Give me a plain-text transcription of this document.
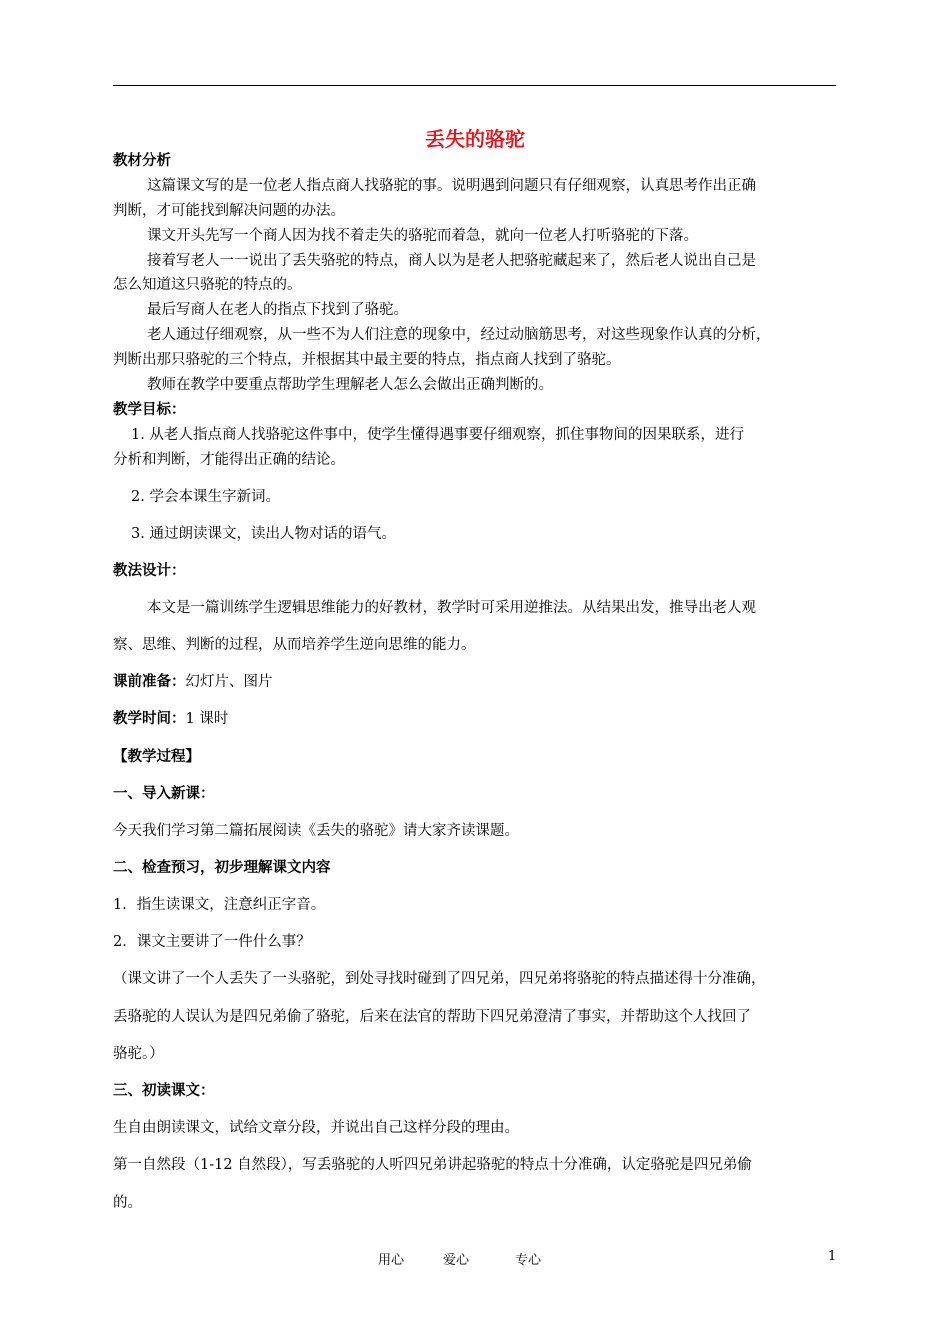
丢失的骆驼
教材分析
这篇课文写的是一位老人指点商人找骆驼的事。说明遇到问题只有仔细观察，认真思考作出正确
判断，才可能找到解决问题的办法。
课文开头先写一个商人因为找不着走失的骆驼而着急，就向一位老人打听骆驼的下落。
接着写老人一一说出了丢失骆驼的特点，商人以为是老人把骆驼藏起来了，然后老人说出自己是
怎么知道这只骆驼的特点的。
最后写商人在老人的指点下找到了骆驼。
老人通过仔细观察，从一些不为人们注意的现象中，经过动脑筋思考，对这些现象作认真的分析，
判断出那只骆驼的三个特点，并根据其中最主要的特点，指点商人找到了骆驼。
教师在教学中要重点帮助学生理解老人怎么会做出正确判断的。
教学目标：
1. 从老人指点商人找骆驼这件事中，使学生懂得遇事要仔细观察，抓住事物间的因果联系，进行
分析和判断，才能得出正确的结论。
2. 学会本课生字新词。
3. 通过朗读课文，读出人物对话的语气。
教法设计：
本文是一篇训练学生逻辑思维能力的好教材，教学时可采用逆推法。从结果出发，推导出老人观
察、思维、判断的过程，从而培养学生逆向思维的能力。
课前准备：幻灯片、图片
教学时间：1 课时
【教学过程】
一、导入新课：
今天我们学习第二篇拓展阅读《丢失的骆驼》请大家齐读课题。
二、检查预习，初步理解课文内容
1．指生读课文，注意纠正字音。
2．课文主要讲了一件什么事？
（课文讲了一个人丢失了一头骆驼，到处寻找时碰到了四兄弟，四兄弟将骆驼的特点描述得十分准确，
丢骆驼的人误认为是四兄弟偷了骆驼，后来在法官的帮助下四兄弟澄清了事实，并帮助这个人找回了
骆驼。）
三、初读课文：
生自由朗读课文，试给文章分段，并说出自己这样分段的理由。
第一自然段（1-12 自然段），写丢骆驼的人听四兄弟讲起骆驼的特点十分准确，认定骆驼是四兄弟偷
的。
用心	爱心	专心	1
